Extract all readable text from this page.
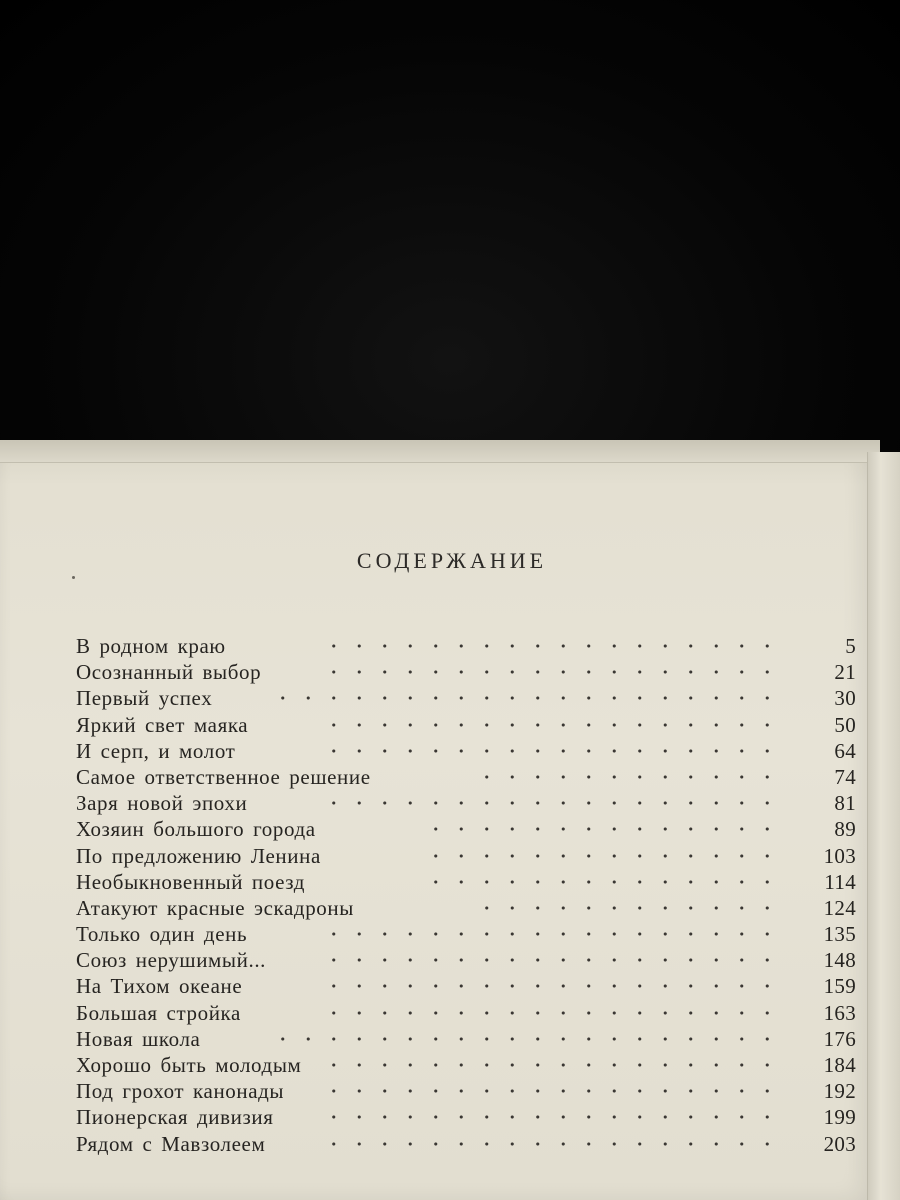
СОДЕРЖАНИЕ
В родном краю	5
Осознанный выбор	21
Первый успех	30
Яркий свет маяка	50
И серп, и молот	64
Самое ответственное решение	74
Заря новой эпохи	81
Хозяин большого города	89
По предложению Ленина	103
Необыкновенный поезд	114
Атакуют красные эскадроны	124
Только один день	135
Союз нерушимый...	148
На Тихом океане	159
Большая стройка	163
Новая школа	176
Хорошо быть молодым	184
Под грохот канонады	192
Пионерская дивизия	199
Рядом с Мавзолеем	203
